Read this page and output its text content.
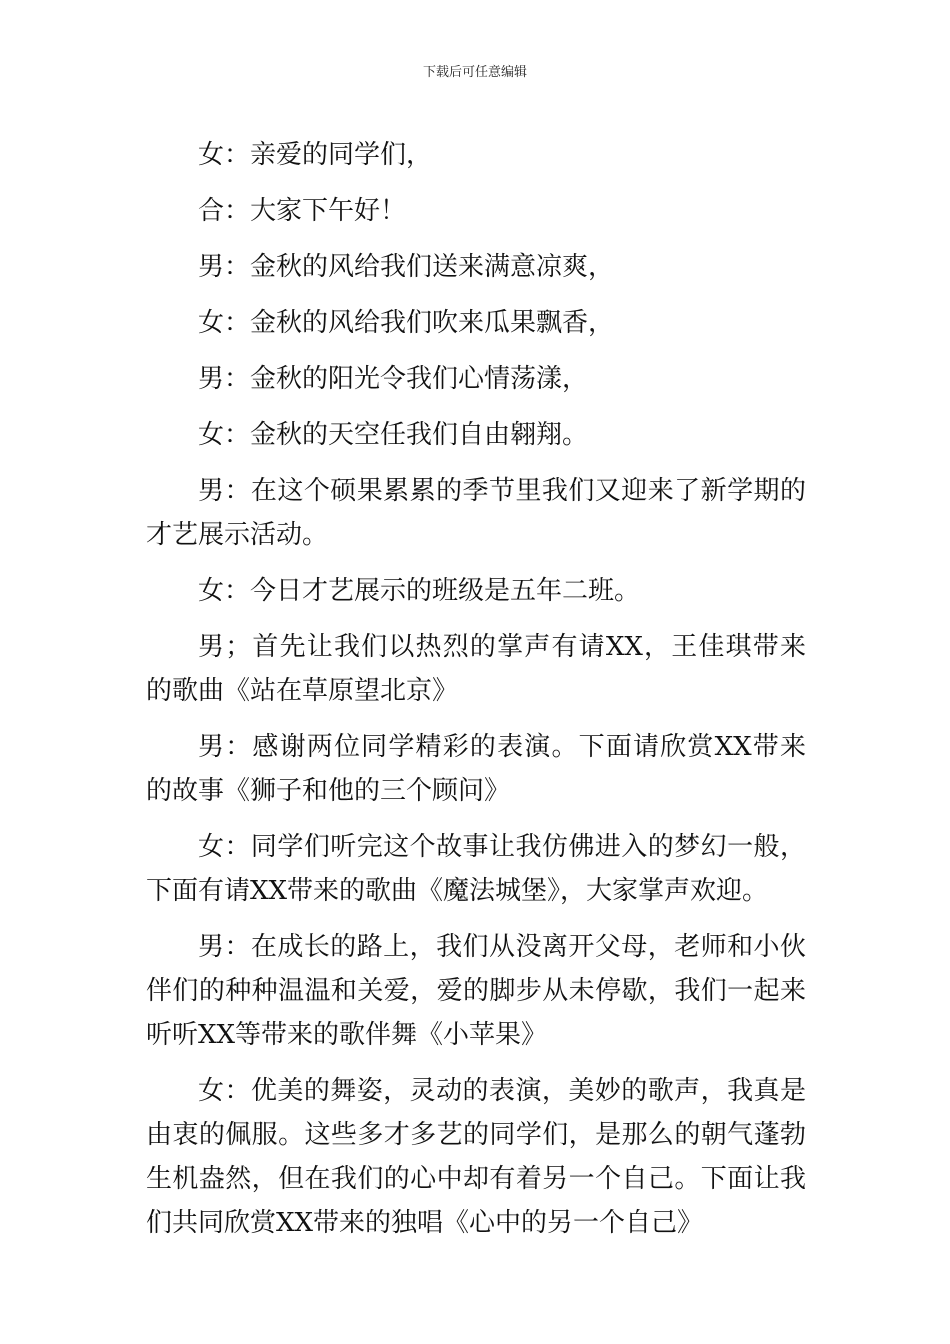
下载后可任意编辑

女：亲爱的同学们，

合：大家下午好！

男：金秋的风给我们送来满意凉爽，

女：金秋的风给我们吹来瓜果飘香，

男：金秋的阳光令我们心情荡漾，

女：金秋的天空任我们自由翱翔。

男：在这个硕果累累的季节里我们又迎来了新学期的才艺展示活动。

女：今日才艺展示的班级是五年二班。

男；首先让我们以热烈的掌声有请XX，王佳琪带来的歌曲《站在草原望北京》

男：感谢两位同学精彩的表演。下面请欣赏XX带来的故事《狮子和他的三个顾问》

女：同学们听完这个故事让我仿佛进入的梦幻一般，下面有请XX带来的歌曲《魔法城堡》，大家掌声欢迎。

男：在成长的路上，我们从没离开父母，老师和小伙伴们的种种温温和关爱，爱的脚步从未停歇，我们一起来听听XX等带来的歌伴舞《小苹果》

女：优美的舞姿，灵动的表演，美妙的歌声，我真是由衷的佩服。这些多才多艺的同学们，是那么的朝气蓬勃生机盎然，但在我们的心中却有着另一个自己。下面让我们共同欣赏XX带来的独唱《心中的另一个自己》
